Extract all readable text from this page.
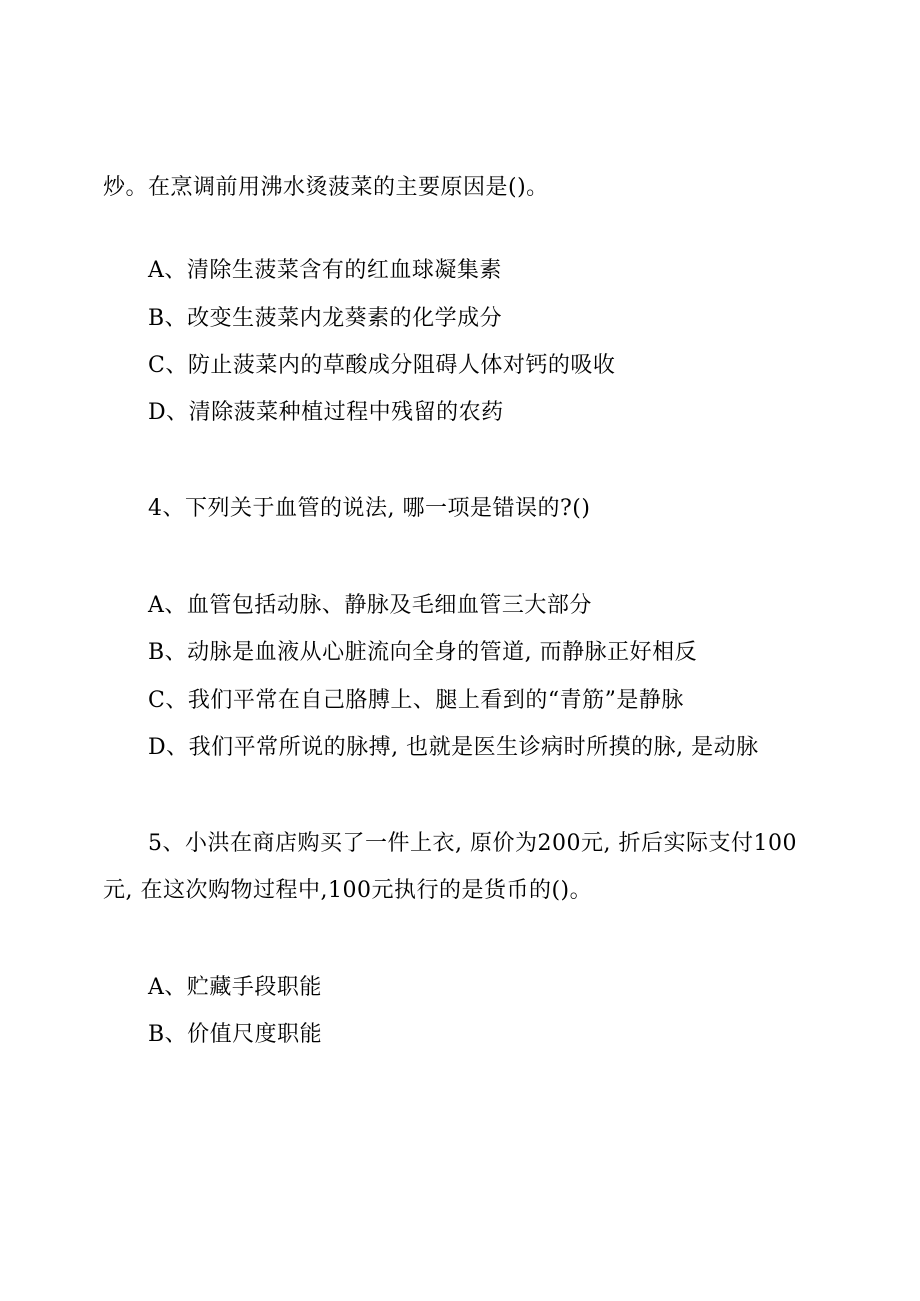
炒。在烹调前用沸水烫菠菜的主要原因是()。
A、清除生菠菜含有的红血球凝集素
B、改变生菠菜内龙葵素的化学成分
C、防止菠菜内的草酸成分阻碍人体对钙的吸收
D、清除菠菜种植过程中残留的农药
4、下列关于血管的说法, 哪一项是错误的?()
A、血管包括动脉、静脉及毛细血管三大部分
B、动脉是血液从心脏流向全身的管道, 而静脉正好相反
C、我们平常在自己胳膊上、腿上看到的“青筋”是静脉
D、我们平常所说的脉搏, 也就是医生诊病时所摸的脉, 是动脉
5、小洪在商店购买了一件上衣, 原价为200元, 折后实际支付100
元, 在这次购物过程中,100元执行的是货币的()。
A、贮藏手段职能
B、价值尺度职能
